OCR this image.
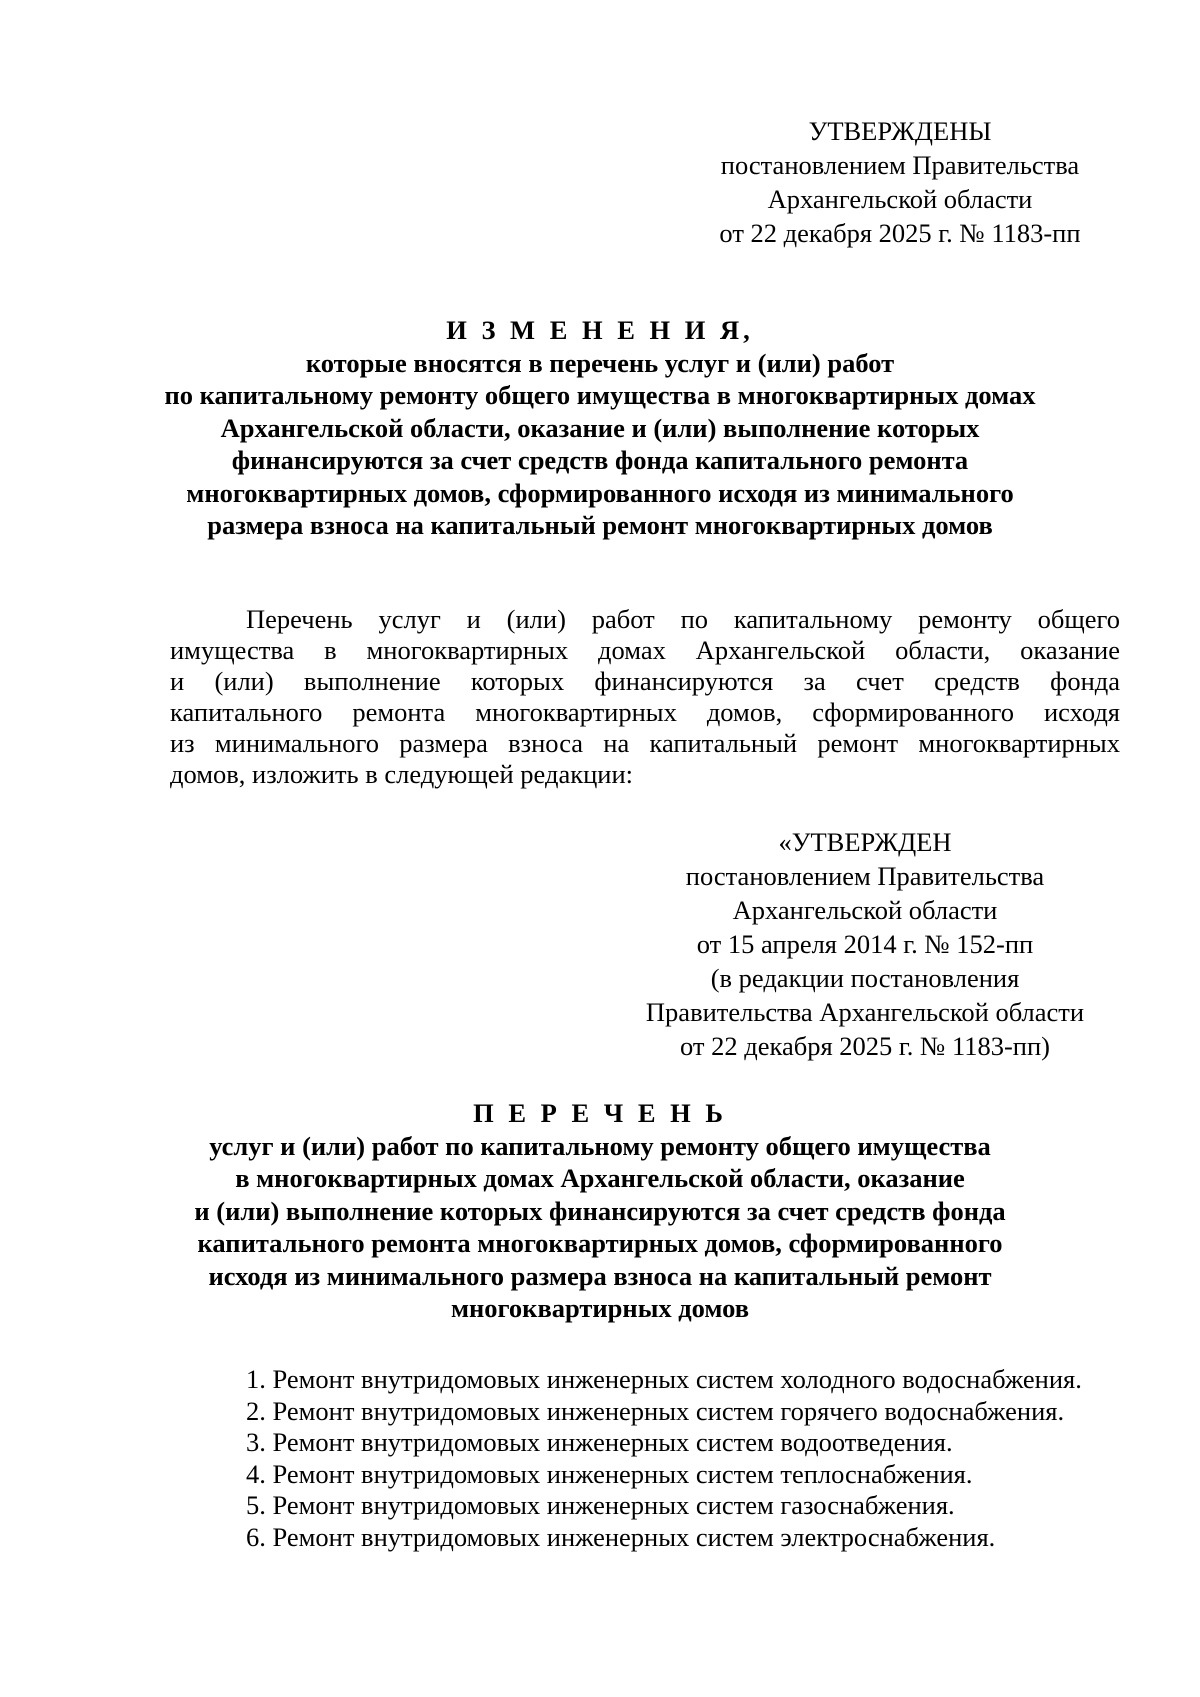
УТВЕРЖДЕНЫ
постановлением Правительства
Архангельской области
от 22 декабря 2025 г. № 1183-пп
И З М Е Н Е Н И Я,
которые вносятся в перечень услуг и (или) работ
по капитальному ремонту общего имущества в многоквартирных домах
Архангельской области, оказание и (или) выполнение которых
финансируются за счет средств фонда капитального ремонта
многоквартирных домов, сформированного исходя из минимального
размера взноса на капитальный ремонт многоквартирных домов
Перечень услуг и (или) работ по капитальному ремонту общего
имущества в многоквартирных домах Архангельской области, оказание
и (или) выполнение которых финансируются за счет средств фонда
капитального ремонта многоквартирных домов, сформированного исходя
из минимального размера взноса на капитальный ремонт многоквартирных
домов, изложить в следующей редакции:
«УТВЕРЖДЕН
постановлением Правительства
Архангельской области
от 15 апреля 2014 г. № 152-пп
(в редакции постановления
Правительства Архангельской области
от 22 декабря 2025 г. № 1183-пп)
П Е Р Е Ч Е Н Ь
услуг и (или) работ по капитальному ремонту общего имущества
в многоквартирных домах Архангельской области, оказание
и (или) выполнение которых финансируются за счет средств фонда
капитального ремонта многоквартирных домов, сформированного
исходя из минимального размера взноса на капитальный ремонт
многоквартирных домов
1. Ремонт внутридомовых инженерных систем холодного водоснабжения.
2. Ремонт внутридомовых инженерных систем горячего водоснабжения.
3. Ремонт внутридомовых инженерных систем водоотведения.
4. Ремонт внутридомовых инженерных систем теплоснабжения.
5. Ремонт внутридомовых инженерных систем газоснабжения.
6. Ремонт внутридомовых инженерных систем электроснабжения.
